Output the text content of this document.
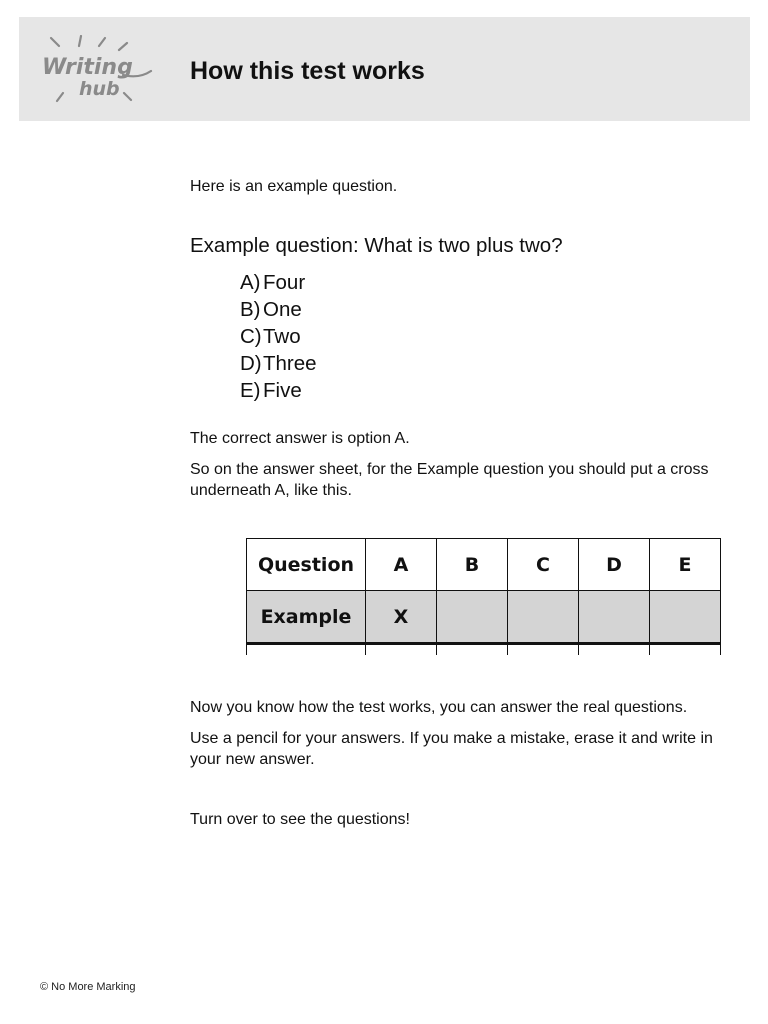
Writing
hub
How this test works

Here is an example question.

Example question: What is two plus two?

A) Four
B) One
C)Two
D)Three
E) Five

The correct answer is option A.

So on the answer sheet, for the Example question you should put a cross underneath A, like this.

Question	A	B	C	D	E
Example	X				

Now you know how the test works, you can answer the real questions.

Use a pencil for your answers. If you make a mistake, erase it and write in your new answer.

Turn over to see the questions!

© No More Marking
